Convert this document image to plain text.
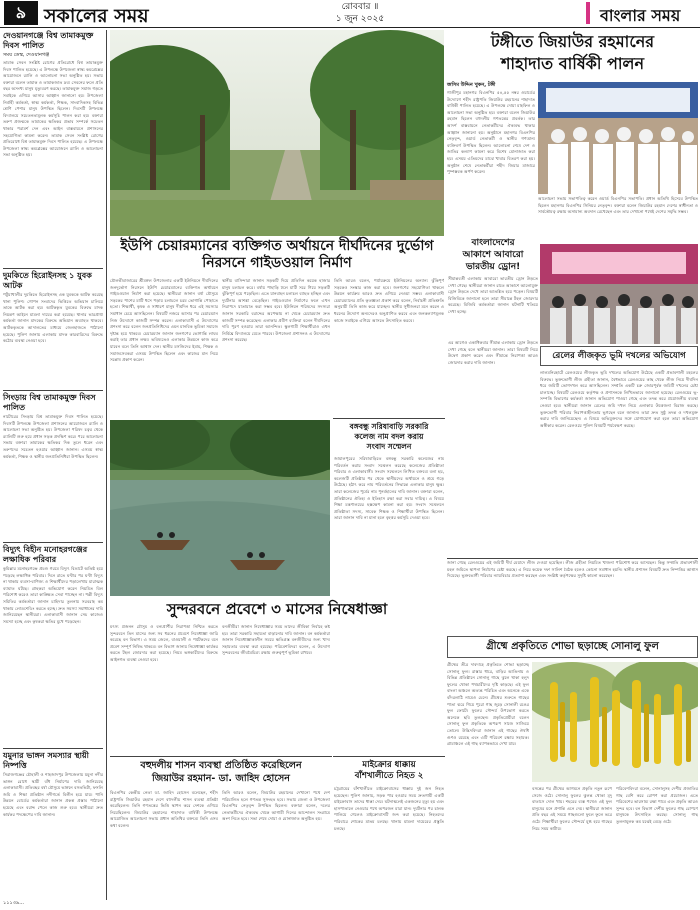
৯ সকালের সময়	রোববার ॥
১ জুন ২০২৫	বাংলার সময়
দেওয়ানগঞ্জে বিশ্ব তামাকমুক্ত দিবস পালিত
সময় ডেস্ক, দেওয়ানগঞ্জ
তামাক সেবন সংশ্লিষ্ট রোগের প্রতিরোধে বিশ্ব তামাকমুক্ত দিবস পালিত হয়েছে। এ উপলক্ষে উপজেলা স্বাস্থ্য কমপ্লেক্সের আয়োজনে র‍্যালি ও আলোচনা সভা অনুষ্ঠিত হয়। সভায় বক্তারা বলেন তামাক ও তামাকজাত দ্রব্য সেবনের ফলে প্রতি বছর অসংখ্য মানুষ মৃত্যুবরণ করছে। তামাকমুক্ত সমাজ গড়তে সবাইকে এগিয়ে আসার আহ্বান জানানো হয়। উপজেলা নির্বাহী কর্মকর্তা, স্বাস্থ্য কর্মকর্তা, শিক্ষক, সাংবাদিকসহ বিভিন্ন শ্রেণি পেশার মানুষ উপস্থিত ছিলেন। দিবসটি উপলক্ষে বিদ্যালয়ে সচেতনতামূলক কর্মসূচি পালন করা হয়। বক্তারা তরুণ প্রজন্মকে তামাকের ক্ষতিকর প্রভাব সম্পর্কে সচেতন থাকার পরামর্শ দেন এবং আইন বাস্তবায়নে প্রশাসনের সহযোগিতা কামনা করেন। তামাক সেবন সংশ্লিষ্ট রোগের প্রতিরোধে বিশ্ব তামাকমুক্ত দিবস পালিত হয়েছে। এ উপলক্ষে উপজেলা স্বাস্থ্য কমপ্লেক্সের আয়োজনে র‍্যালি ও আলোচনা সভা অনুষ্ঠিত হয়।
দুমকিতে হিরোইনসহ ১ যুবক আটক
পটুয়াখালীর দুমকিতে হিরোইনসহ এক যুবককে আটক করেছে থানা পুলিশ। গোপন সংবাদের ভিত্তিতে অভিযান চালিয়ে তাকে আটক করা হয়। আটককৃত যুবকের বিরুদ্ধে মাদক নিয়ন্ত্রণ আইনে মামলা দায়ের করা হয়েছে। থানার ভারপ্রাপ্ত কর্মকর্তা জানান মাদকের বিরুদ্ধে অভিযান অব্যাহত থাকবে। আটককৃতকে আদালতের মাধ্যমে জেলহাজতে পাঠানো হয়েছে। পুলিশ জানায় এলাকায় মাদক কারবারিদের বিরুদ্ধে কঠোর ব্যবস্থা নেওয়া হবে।
সিংড়ায় বিশ্ব তামাকমুক্ত দিবস পালিত
নাটোরের সিংড়ায় বিশ্ব তামাকমুক্ত দিবস পালিত হয়েছে। দিবসটি উপলক্ষে উপজেলা প্রশাসনের আয়োজনে র‍্যালি ও আলোচনা সভা অনুষ্ঠিত হয়। উপজেলা পরিষদ চত্বর থেকে র‍্যালিটি শুরু হয়ে প্রধান সড়ক প্রদক্ষিণ করে। পরে আলোচনা সভায় বক্তারা তামাকের ক্ষতিকর দিক তুলে ধরেন এবং তরুণদের সচেতন হওয়ার আহ্বান জানান। এসময় স্বাস্থ্য কর্মকর্তা, শিক্ষক ও স্থানীয় জনপ্রতিনিধিরা উপস্থিত ছিলেন।
বিদ্যুৎ বিহীন মনোহরগঞ্জের লক্ষাধিক পরিবার
কুমিল্লার মনোহরগঞ্জে প্রচণ্ড গরমে বিদ্যুৎ বিভ্রাটে অতিষ্ঠ হয়ে পড়েছে লক্ষাধিক পরিবার। দিনে রাতে ঘণ্টার পর ঘণ্টা বিদ্যুৎ না থাকায় ব্যবসা-বাণিজ্য ও শিক্ষার্থীদের পড়ালেখায় মারাত্মক ব্যাঘাত ঘটছে। গ্রাহকরা অভিযোগ করেন নিয়মিত বিল পরিশোধ করেও তারা কাঙ্ক্ষিত সেবা পাচ্ছেন না। পল্লী বিদ্যুৎ সমিতির কর্মকর্তারা জানান চাহিদার তুলনায় সরবরাহ কম থাকায় লোডশেডিং করতে হচ্ছে। দ্রুত সমস্যা সমাধানের দাবি জানিয়েছেন স্থানীয়রা। এলাকাবাসী জানান সেচ কাজেও সমস্যা হচ্ছে এবং কৃষকরা ক্ষতির মুখে পড়েছেন।
যমুনার ভাঙ্গন সমস্যার স্থায়ী নিষ্পত্তি
সিরাজগঞ্জের চৌহালী ও শাহজাদপুর উপজেলায় যমুনা নদীর ভাঙ্গন রোধে স্থায়ী বাঁধ নির্মাণের দাবি জানিয়েছে এলাকাবাসী। প্রতিবছর বর্ষা মৌসুমে ভাঙ্গনে বসতভিটা, ফসলি জমি ও শিক্ষা প্রতিষ্ঠান নদীগর্ভে বিলীন হয়ে যায়। পানি উন্নয়ন বোর্ডের কর্মকর্তারা জানান প্রকল্প প্রস্তাব পাঠানো হয়েছে এবং বরাদ্দ পেলে কাজ শুরু হবে। স্থানীয়রা দ্রুত কার্যকর পদক্ষেপের দাবি জানান।
১১১৩৯...
টঙ্গীতে জিয়াউর রহমানের
শাহাদাত বার্ষিকী পালন
জসিম উদ্দিন খুকন, টঙ্গী
গাজীপুর মহানগর বিএনপির ৫৪,৫৫ নম্বর ওয়ার্ডের উদ্যোগে শহীদ রাষ্ট্রপতি জিয়াউর রহমানের শাহাদাত বার্ষিকী পালিত হয়েছে। এ উপলক্ষে দোয়া মাহফিল ও আলোচনা সভা অনুষ্ঠিত হয়। বক্তারা বলেন জিয়াউর রহমান ছিলেন বহুদলীয় গণতন্ত্রের প্রবর্তক। তার আদর্শ বাস্তবায়নে নেতাকর্মীদের ঐক্যবদ্ধ থাকার আহ্বান জানানো হয়। অনুষ্ঠানে মহানগর বিএনপির নেতৃবৃন্দ, ওয়ার্ড নেতাকর্মী ও স্থানীয় গণ্যমান্য ব্যক্তিবর্গ উপস্থিত ছিলেন। আলোচনা শেষে দেশ ও জাতির কল্যাণ কামনা করে বিশেষ মোনাজাত করা হয়। এসময় এতিমদের মাঝে খাবার বিতরণ করা হয়। অনুষ্ঠান শেষে নেতাকর্মীরা শহীদ জিয়ার মাজারে পুষ্পস্তবক অর্পণ করেন।
আলোচনা সভায় সভাপতিত্ব করেন ওয়ার্ড বিএনপির সভাপতি। প্রধান অতিথি হিসেবে উপস্থিত ছিলেন মহানগর বিএনপির সিনিয়র নেতৃবৃন্দ। বক্তারা বলেন জিয়াউর রহমান দেশের স্বাধীনতা ও সার্বভৌমত্ব রক্ষায় অসামান্য অবদান রেখেছেন এবং তার দেখানো পথেই দেশের সমৃদ্ধি সম্ভব।
ইউপি চেয়ারম্যানের ব্যক্তিগত অর্থায়নে দীর্ঘদিনের দুর্ভোগ নিরসনে গাইডওয়াল নির্মাণ
মৌলভীবাজারের শ্রীমঙ্গল উপজেলার একটি ইউনিয়নে দীর্ঘদিনের জনদুর্ভোগ নিরসনে ইউপি চেয়ারম্যানের ব্যক্তিগত অর্থায়নে গাইডওয়াল নির্মাণ করা হয়েছে। স্থানীয়রা জানান বর্ষা মৌসুমে সড়কের পাশের মাটি ধসে পড়ায় চলাচলে চরম ভোগান্তি পোহাতে হতো। শিক্ষার্থী, কৃষক ও সাধারণ মানুষ দীর্ঘদিন ধরে এই সমস্যার সমাধান চেয়ে আসছিলেন। বিষয়টি নজরে আসার পর চেয়ারম্যান নিজ উদ্যোগে কাজটি সম্পন্ন করেন। এলাকাবাসী এ উদ্যোগের প্রশংসা করে বলেন জনপ্রতিনিধিদের এমন মানবিক ভূমিকা সমাজে দৃষ্টান্ত হয়ে থাকবে। চেয়ারম্যান জানান জনগণের ভোগান্তি লাঘব করাই তার প্রধান লক্ষ্য। ভবিষ্যতেও এলাকার উন্নয়নে কাজ করে যাবেন বলে তিনি আশ্বাস দেন। স্থানীয় মসজিদের ইমাম, শিক্ষক ও সমাজসেবকরা এসময় উপস্থিত ছিলেন এবং কাজের মান নিয়ে সন্তোষ প্রকাশ করেন।
স্থানীয় বাসিন্দারা জানান সড়কটি দিয়ে প্রতিদিন কয়েক হাজার মানুষ চলাচল করে। বর্ষায় পাহাড়ি ঢলে মাটি সরে গিয়ে সড়কটি ঝুঁকিপূর্ণ হয়ে পড়েছিল। এতে যানবাহন চলাচল ব্যাহত হচ্ছিল এবং দুর্ঘটনার আশঙ্কা বেড়েছিল। গাইডওয়াল নির্মাণের ফলে এখন নিরাপদে যাতায়াত করা সম্ভব হবে। ইউনিয়ন পরিষদের সদস্যরা জানান সরকারি বরাদ্দের অপেক্ষায় না থেকে চেয়ারম্যান দ্রুত কাজটি সম্পন্ন করেছেন। এলাকার প্রবীণ ব্যক্তিরা বলেন দীর্ঘদিনের দাবি পূরণ হওয়ায় তারা আনন্দিত। স্কুলগামী শিক্ষার্থীরাও এখন নির্বিঘ্নে বিদ্যালয়ে যেতে পারবে। উপজেলা প্রশাসনও এ উদ্যোগের প্রশংসা করেছে।
তিনি আরও বলেন, পর্যায়ক্রমে ইউনিয়নের অন্যান্য ঝুঁকিপূর্ণ সড়কেও সংস্কার কাজ করা হবে। জনগণের সহযোগিতা থাকলে উন্নয়ন কার্যক্রম আরও দ্রুত এগিয়ে নেওয়া সম্ভব। এলাকাবাসী চেয়ারম্যানের প্রতি কৃতজ্ঞতা প্রকাশ করে বলেন, নির্বাচনী প্রতিশ্রুতি অনুযায়ী তিনি কাজ করে যাচ্ছেন। স্থানীয় সুধীজনরা মনে করেন এ ধরনের উদ্যোগ অন্যদেরও অনুপ্রাণিত করবে এবং জনকল্যাণমূলক কাজে সবাইকে এগিয়ে আসতে উৎসাহিত করবে।
বাংলাদেশের
আকাশে আবারো
ভারতীয় ড্রোন!
সীমান্তবর্তী এলাকায় আবারো ভারতীয় ড্রোন উড়তে দেখা গেছে। স্থানীয়রা জানান রাতে আকাশে আলোযুক্ত ড্রোন উড়তে দেখে তারা আতঙ্কিত হয়ে পড়েন। বিষয়টি বিজিবিকে জানানো হলে তারা সীমান্তে টহল জোরদার করেছে। বিজিবি কর্মকর্তারা জানান ঘটনাটি খতিয়ে দেখা হচ্ছে।
এর আগেও একাধিকবার সীমান্ত এলাকায় ড্রোন উড়তে দেখা গেছে বলে স্থানীয়রা জানান। তারা বিষয়টি নিয়ে উদ্বেগ প্রকাশ করেন এবং সীমান্তে নিরাপত্তা আরও জোরদার করার দাবি জানান।
রেলের লীজকৃত ভূমি দখলের অভিযোগ
লালমনিরহাটে রেলওয়ের লীজকৃত ভূমি দখলের অভিযোগ উঠেছে একটি প্রভাবশালী মহলের বিরুদ্ধে। ভুক্তভোগী লীজ গ্রহীতা জানান, বৈধভাবে রেলওয়ের কাছ থেকে লীজ নিয়ে দীর্ঘদিন ধরে জমিটি ভোগদখল করে আসছিলেন। সম্প্রতি একটি চক্র জোরপূর্বক জমিটি দখলের চেষ্টা চালাচ্ছে। বিষয়টি রেলওয়ে কর্তৃপক্ষ ও প্রশাসনকে লিখিতভাবে জানানো হয়েছে। রেলওয়ের ভূ-সম্পত্তি বিভাগের কর্মকর্তা জানান অভিযোগ পাওয়া গেছে এবং তদন্ত করে প্রয়োজনীয় ব্যবস্থা নেওয়া হবে। স্থানীয়রা জানান রেলের জমি দখল নিয়ে এলাকায় উত্তেজনা বিরাজ করছে। ভুক্তভোগী পরিবার নিরাপত্তাহীনতায় ভুগছেন বলে জানান। তারা দ্রুত সুষ্ঠু তদন্ত ও দখলমুক্ত করার দাবি জানিয়েছেন। এ বিষয়ে অভিযুক্তদের সঙ্গে যোগাযোগ করা হলে তারা অভিযোগ অস্বীকার করেন। রেলওয়ে পুলিশ বিষয়টি পর্যবেক্ষণ করছে।
বঙ্গবন্ধু সরিষাবাড়ি সরকারি
কলেজ নাম বদল করায়
সংবাদ সম্মেলন
জামালপুরের সরিষাবাড়িতে বঙ্গবন্ধু সরকারি কলেজের নাম পরিবর্তন করায় সংবাদ সম্মেলন করেছে কলেজের প্রতিষ্ঠাতা পরিবার ও এলাকাবাসী। সংবাদ সম্মেলনে লিখিত বক্তব্যে বলা হয়, কলেজটি প্রতিষ্ঠার পর থেকে স্থানীয়দের অর্থায়নে ও শ্রমে গড়ে উঠেছে। হঠাৎ করে নাম পরিবর্তনের সিদ্ধান্তে এলাকার মানুষ ক্ষুব্ধ। তারা কলেজের পূর্বের নাম পুনর্বহালের দাবি জানান। বক্তারা বলেন, প্রতিষ্ঠানের ঐতিহ্য ও ইতিহাস রক্ষা করা সবার দায়িত্ব। এ বিষয়ে শিক্ষা মন্ত্রণালয়ের হস্তক্ষেপ কামনা করা হয়। সংবাদ সম্মেলনে প্রতিষ্ঠাতা সদস্য, সাবেক শিক্ষক ও শিক্ষার্থীরা উপস্থিত ছিলেন। তারা জানান দাবি না মানা হলে বৃহত্তর কর্মসূচি দেওয়া হবে।
সুন্দরবনে প্রবেশে ৩ মাসের নিষেধাজ্ঞা
মৎস্য প্রজনন মৌসুম ও বন্যপ্রাণীর নিরাপত্তা নিশ্চিত করতে সুন্দরবনে তিন মাসের জন্য সব ধরনের প্রবেশে নিষেধাজ্ঞা জারি করেছে বন বিভাগ। এ সময় জেলে, বাওয়ালী ও পর্যটকদের বনে প্রবেশ সম্পূর্ণ নিষিদ্ধ থাকবে। বন বিভাগ জানায় নিষেধাজ্ঞা কার্যকর করতে টহল জোরদার করা হয়েছে। নিয়ম ভঙ্গকারীদের বিরুদ্ধে আইনগত ব্যবস্থা নেওয়া হবে।
বনজীবীরা জানান নিষেধাজ্ঞার সময় তাদের জীবিকা নির্বাহে কষ্ট হয়। তারা সরকারি সহায়তা বাড়ানোর দাবি জানান। বন কর্মকর্তারা জানান নিষেধাজ্ঞাকালীন সময়ে ক্ষতিগ্রস্ত বনজীবীদের জন্য খাদ্য সহায়তার ব্যবস্থা করা হয়েছে। পরিবেশবিদরা বলেন, এ উদ্যোগ সুন্দরবনের জীববৈচিত্র্য রক্ষায় গুরুত্বপূর্ণ ভূমিকা রাখবে।
বহুদলীয় শাসন ব্যবস্থা প্রতিষ্ঠিত করেছিলেন
জিয়াউর রহমান- ডা. জাহিদ হোসেন
বিএনপির কেন্দ্রীয় নেতা ডা. জাহিদ হোসেন বলেছেন, শহীদ রাষ্ট্রপতি জিয়াউর রহমান দেশে বহুদলীয় শাসন ব্যবস্থা প্রতিষ্ঠা করেছিলেন। তিনি গণতন্ত্রের ভিত্তি স্থাপন করে দেশকে এগিয়ে নিয়েছিলেন। জিয়াউর রহমানের শাহাদাত বার্ষিকী উপলক্ষে আয়োজিত আলোচনা সভায় প্রধান অতিথির বক্তব্যে তিনি এসব কথা বলেন।
তিনি আরও বলেন, জিয়াউর রহমানের দেখানো পথে দেশ পরিচালিত হলে গণতন্ত্র সুসংহত হবে। সভায় জেলা ও উপজেলা বিএনপির নেতৃবৃন্দ উপস্থিত ছিলেন। বক্তারা বলেন, দলের নেতাকর্মীদের ঐক্যবদ্ধ থেকে আগামী দিনের আন্দোলন সংগ্রামে অংশ নিতে হবে। সভা শেষে দোয়া ও মোনাজাত অনুষ্ঠিত হয়।
মাইক্রোর ধাক্কায়
বাঁশখালীতে নিহত ২
চট্টগ্রামের বাঁশখালীতে মাইক্রোবাসের ধাক্কায় দুই জন নিহত হয়েছেন। পুলিশ জানায়, সড়ক পার হওয়ার সময় দ্রুতগামী একটি মাইক্রোবাস তাদের ধাক্কা দেয়। ঘটনাস্থলেই একজনের মৃত্যু হয় এবং হাসপাতালে নেওয়ার পথে অপরজন মারা যান। দুর্ঘটনার পর চালক পালিয়ে গেলেও মাইক্রোবাসটি জব্দ করা হয়েছে। নিহতদের পরিবারে শোকের মাতম চলছে। থানায় মামলা দায়েরের প্রস্তুতি চলছে।
জানা গেছে রেলওয়ের এই জমিটি দীর্ঘ মেয়াদে লীজ দেওয়া হয়েছিল। লীজ গ্রহীতা নিয়মিত খাজনা পরিশোধ করে আসছেন। কিন্তু সম্প্রতি প্রভাবশালী মহল জমিতে স্থাপনা নির্মাণের চেষ্টা করছে। এ নিয়ে কয়েক দফা সালিশ বৈঠক হলেও কোনো সমাধান হয়নি। স্থানীয় প্রশাসন বিষয়টি দ্রুত নিষ্পত্তির আশ্বাস দিয়েছে। ভুক্তভোগী পরিবার ন্যায়বিচার প্রত্যাশা করছেন এবং সংশ্লিষ্ট কর্তৃপক্ষের সুদৃষ্টি কামনা করেছেন।
গ্রীষ্মে প্রকৃতিতে শোভা ছড়াচ্ছে সোনালু ফুল
গ্রীষ্মের তীব্র দাবদাহে প্রকৃতিতে শোভা ছড়াচ্ছে সোনালু ফুল। রাস্তার ধারে, বাড়ির আঙিনায় ও বিভিন্ন প্রতিষ্ঠানে সোনালু গাছে ঝুলে থাকা হলুদ ফুলের থোকা পথচারীদের দৃষ্টি কাড়ছে। এই ফুল বাংলা অঞ্চলে অত্যন্ত পরিচিত এবং অনেকে একে বাঁদরলাঠি নামেও চেনে। গ্রীষ্মের শুরুতে গাছের পাতা ঝরে গিয়ে পুরো গাছ জুড়ে সোনালী রঙের ফুল ফোটে। ফুলের সৌন্দর্য উপভোগ করতে অনেকে ছবি তুলছেন। প্রকৃতিপ্রেমীরা বলেন সোনালু ফুল প্রকৃতিকে অপরূপ সাজে সাজিয়ে তোলে। উদ্ভিদবিদরা জানান এই গাছের ঔষধি গুণও রয়েছে এবং এটি পরিবেশ রক্ষায় সহায়ক। গ্রামাঞ্চলে এই গাছ ব্যাপকভাবে দেখা যায়।
বসন্তের পর গ্রীষ্মের আগমনে প্রকৃতি নতুন রূপে সেজে ওঠে। সোনালু ফুলের ঝুলন্ত থোকা মৃদু বাতাসে দোল খায়। শহরের ব্যস্ত পথেও এই ফুল মানুষের মনে প্রশান্তি এনে দেয়। স্থানীয়রা জানান প্রতি বছর এই সময়ে গাছগুলো ফুলে ফুলে ভরে ওঠে। শিক্ষার্থীরা ফুলের সৌন্দর্যে মুগ্ধ হয়ে গাছের নিচে সময় কাটায়।
পরিবেশবিদরা বলেন, সোনালুসহ দেশীয় প্রজাতির গাছ বেশি করে রোপণ করা প্রয়োজন। এতে পরিবেশের ভারসাম্য রক্ষা পাবে এবং প্রকৃতি আরও সুন্দর হবে। বন বিভাগ দেশীয় ফুলের গাছ রোপণে মানুষকে উৎসাহিত করছে। সোনালু গাছ তুলনামূলক কম যত্নেই বেড়ে ওঠে।
